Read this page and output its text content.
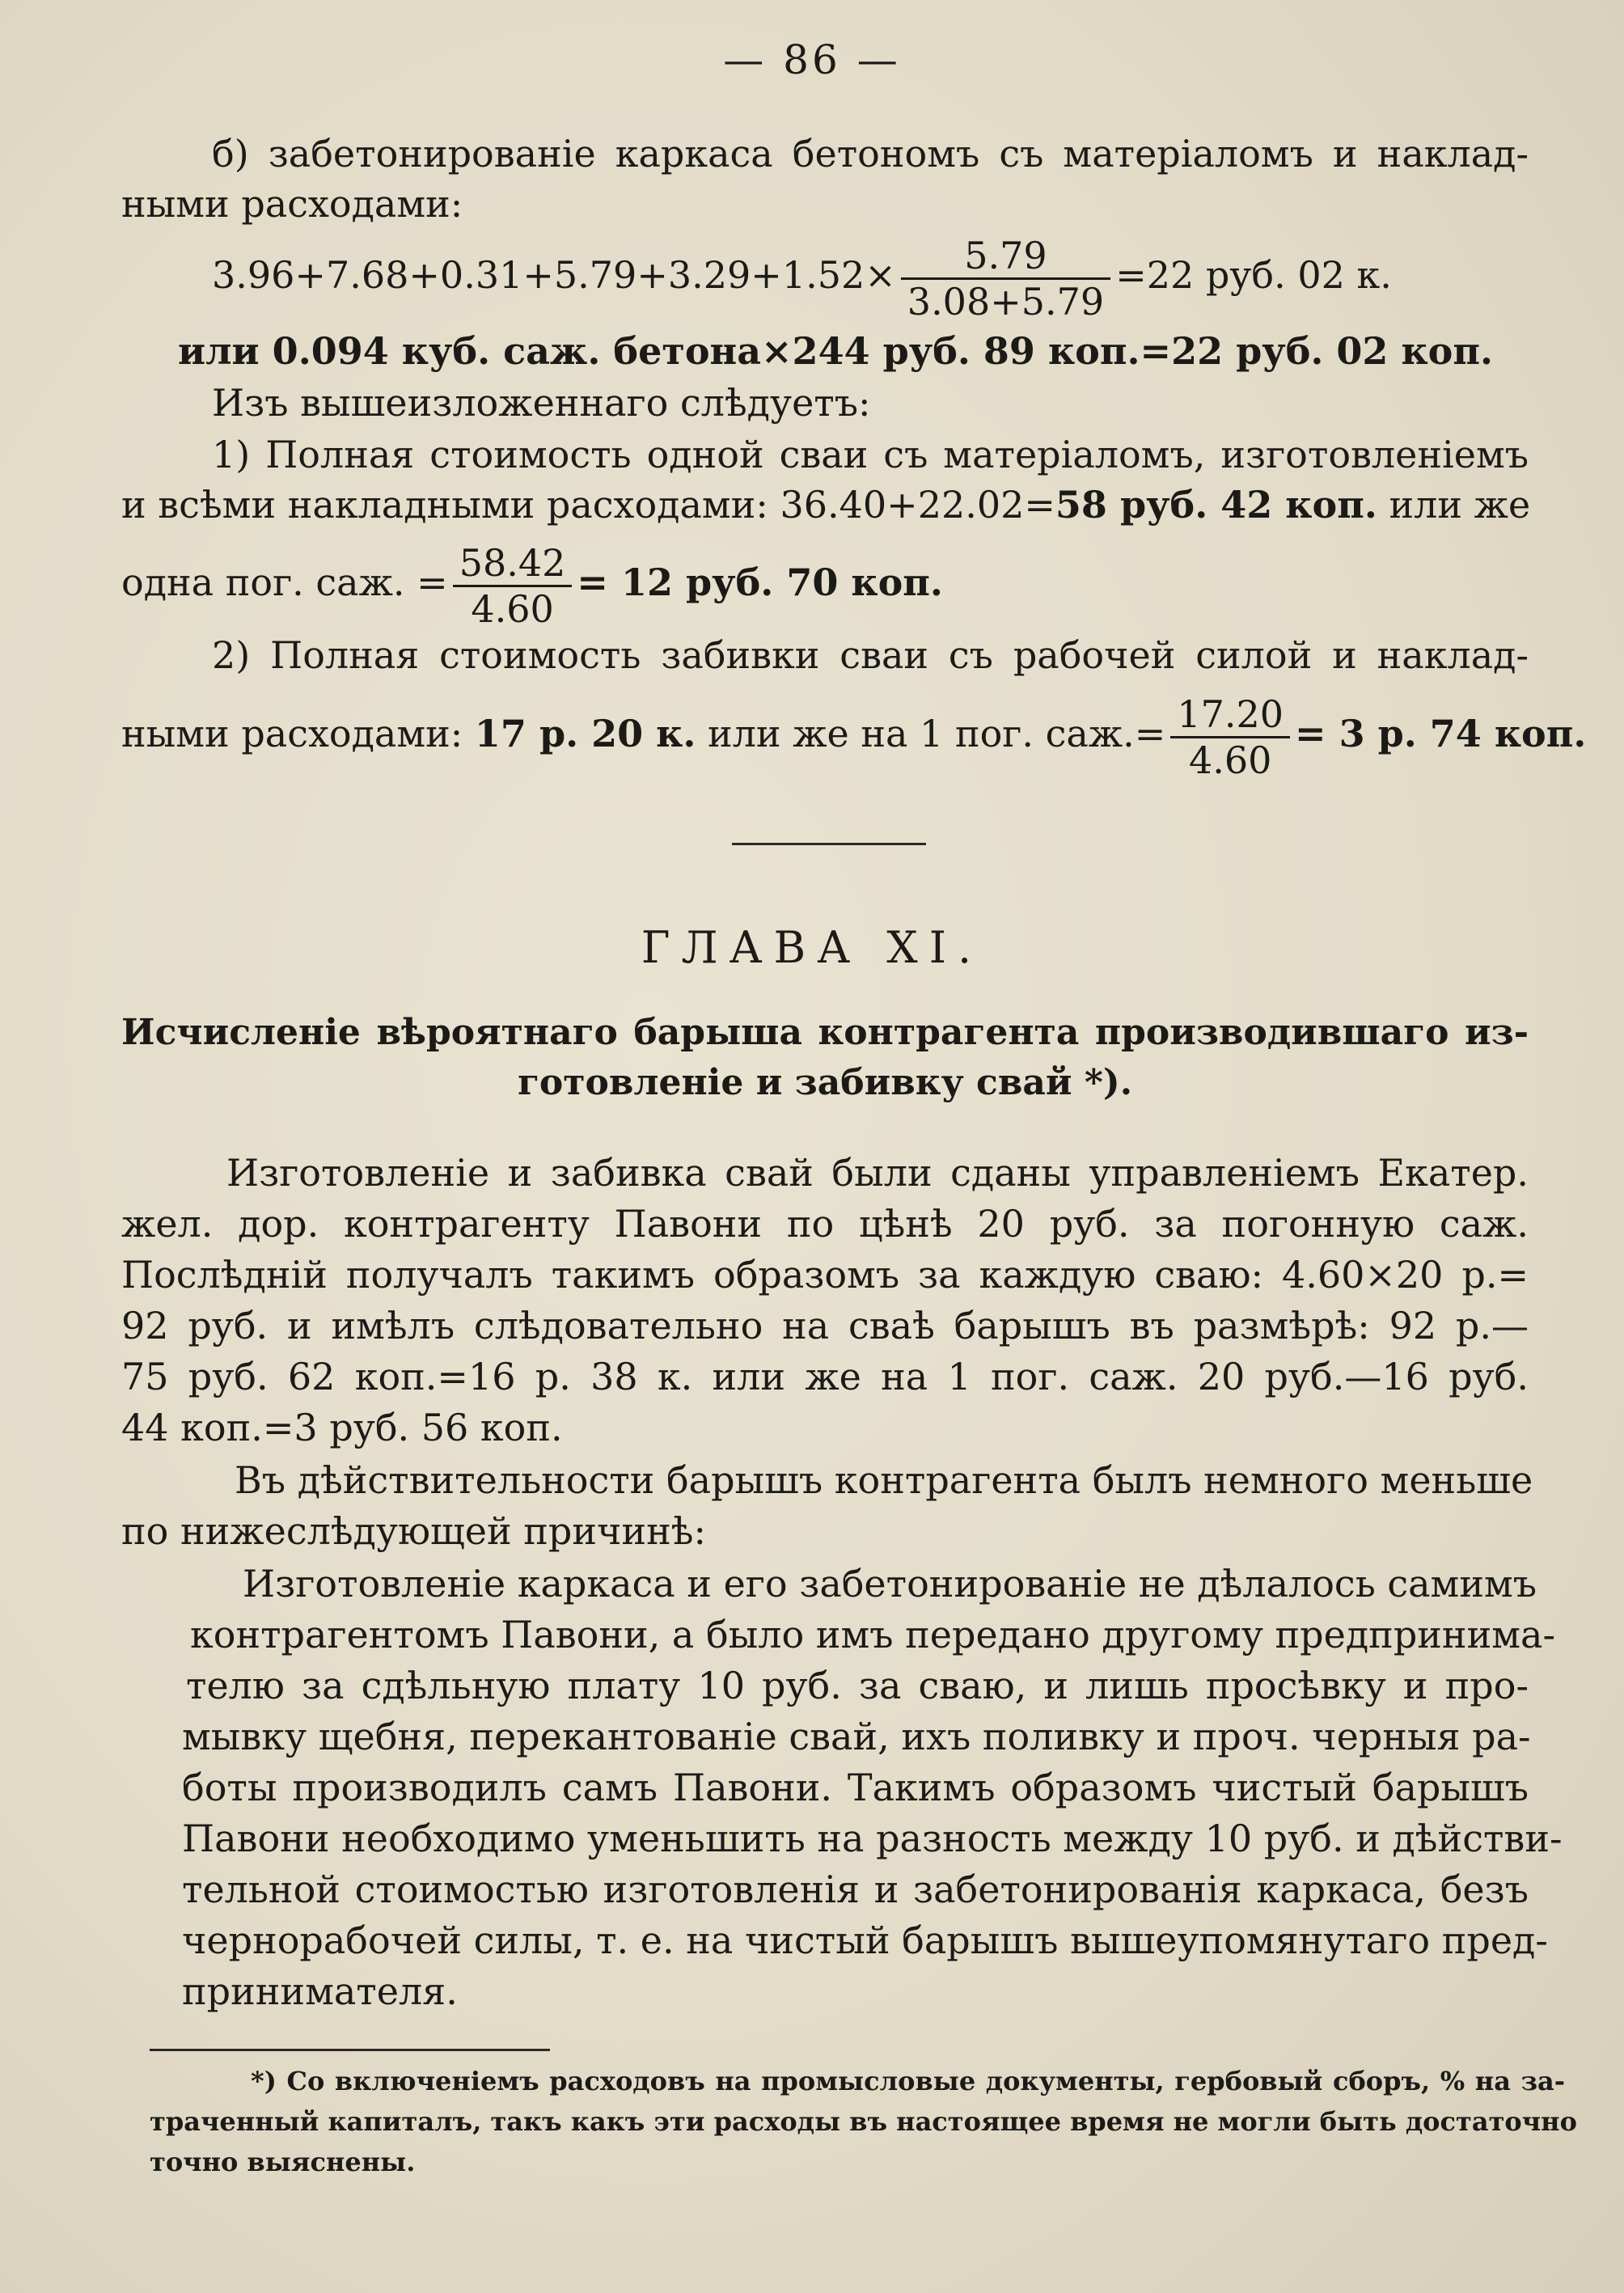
— 86 —
б) забетонированіе каркаса бетономъ съ матеріаломъ и наклад-
ными расходами:
$3.96+7.68+0.31+5.79+3.29+1.52\times \frac{5.79}{3.08+5.79} =22$ руб. 02 к.
или 0.094 куб. саж. бетона×244 руб. 89 коп.=22 руб. 02 коп.
Изъ вышеизложеннаго слѣдуетъ:
1) Полная стоимость одной сваи съ матеріаломъ, изготовленіемъ
и всѣми накладными расходами: 36.40+22.02=58 руб. 42 коп. или же
одна пог. саж. = $\frac{58.42}{4.60} = 12$ руб. 70 коп.
2) Полная стоимость забивки сваи съ рабочей силой и наклад-
ными расходами: 17 р. 20 к. или же на 1 пог. $саж.= \frac{17.20}{4.60} = 3$ р. 74 коп.
ГЛАВА XI.
Исчисленіе вѣроятнаго барыша контрагента производившаго из-
готовленіе и забивку свай *).
Изготовленіе и забивка свай были сданы управленіемъ Екатер.
жел. дор. контрагенту Павони по цѣнѣ 20 руб. за погонную саж.
Послѣдній получалъ такимъ образомъ за каждую сваю: 4.60×20 р.=
92 руб. и имѣлъ слѣдовательно на сваѣ барышъ въ размѣрѣ: 92 р.—
75 руб. 62 коп.=16 р. 38 к. или же на 1 пог. саж. 20 руб.—16 руб.
44 коп.=3 руб. 56 коп.
Въ дѣйствительности барышъ контрагента былъ немного меньше
по нижеслѣдующей причинѣ:
Изготовленіе каркаса и его забетонированіе не дѣлалось самимъ
контрагентомъ Павони, а было имъ передано другому предпринима-
телю за сдѣльную плату 10 руб. за сваю, и лишь просѣвку и про-
мывку щебня, перекантованіе свай, ихъ поливку и проч. черныя ра-
боты производилъ самъ Павони. Такимъ образомъ чистый барышъ
Павони необходимо уменьшить на разность между 10 руб. и дѣйстви-
тельной стоимостью изготовленія и забетонированія каркаса, безъ
чернорабочей силы, т. е. на чистый барышъ вышеупомянутаго пред-
принимателя.
*) Со включеніемъ расходовъ на промысловые документы, гербовый сборъ, % на за-
траченный капиталъ, такъ какъ эти расходы въ настоящее время не могли быть достаточно
точно выяснены.
